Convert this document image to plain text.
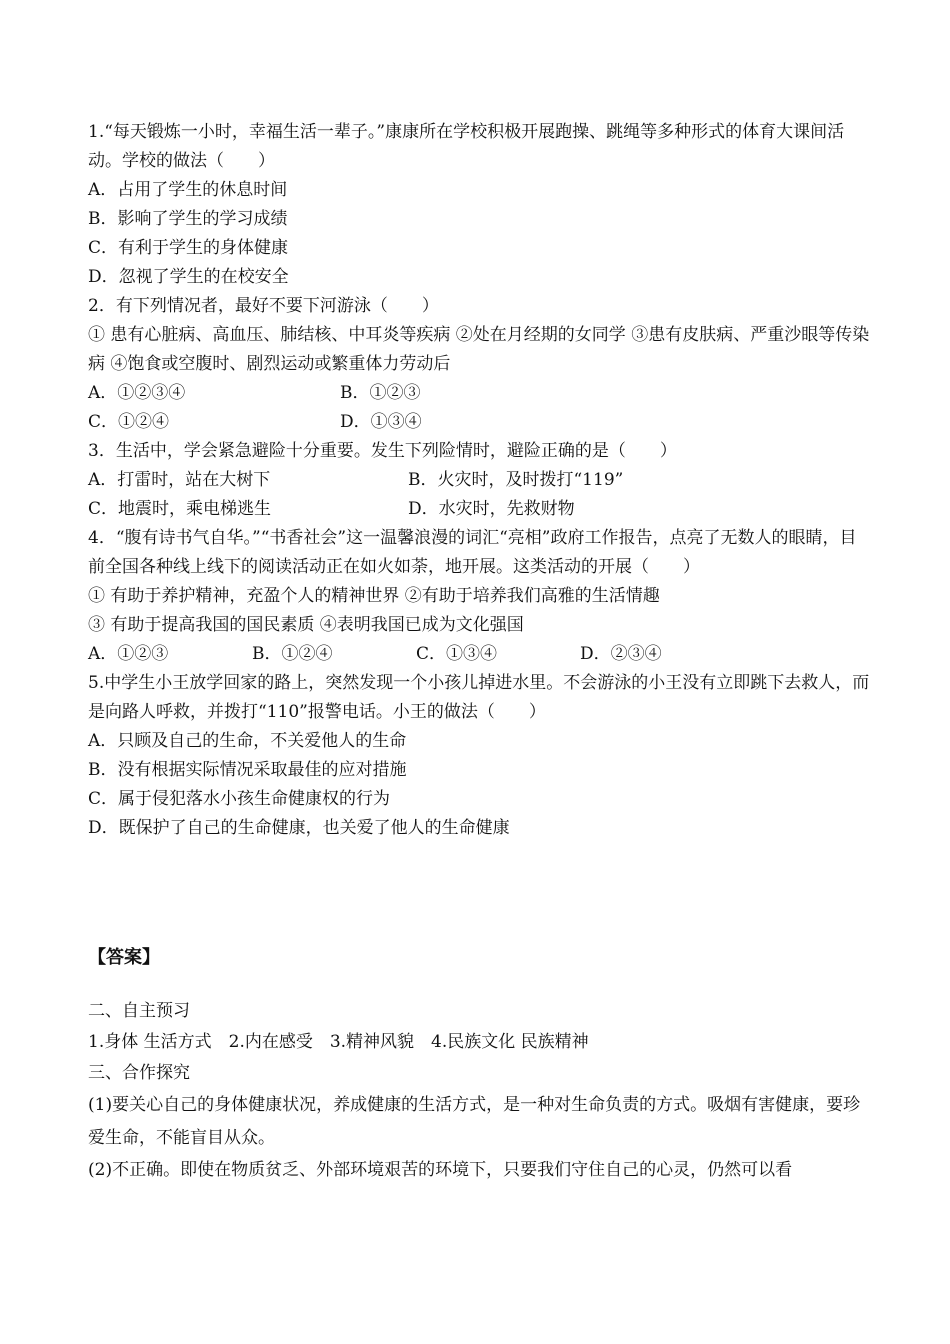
1.“每天锻炼一小时，幸福生活一辈子。”康康所在学校积极开展跑操、跳绳等多种形式的体育大课间活动。学校的做法（　　）
A．占用了学生的休息时间
B．影响了学生的学习成绩
C．有利于学生的身体健康
D．忽视了学生的在校安全
2．有下列情况者，最好不要下河游泳（　　）
① 患有心脏病、高血压、肺结核、中耳炎等疾病 ②处在月经期的女同学 ③患有皮肤病、严重沙眼等传染病 ④饱食或空腹时、剧烈运动或繁重体力劳动后
A．①②③④	B．①②③
C．①②④	D．①③④
3．生活中，学会紧急避险十分重要。发生下列险情时，避险正确的是（　　）
A．打雷时，站在大树下	B．火灾时，及时拨打“119”
C．地震时，乘电梯逃生	D．水灾时，先救财物
4．“腹有诗书气自华。”“书香社会”这一温馨浪漫的词汇“亮相”政府工作报告，点亮了无数人的眼睛，目前全国各种线上线下的阅读活动正在如火如荼，地开展。这类活动的开展（　　）
① 有助于养护精神，充盈个人的精神世界 ②有助于培养我们高雅的生活情趣
③ 有助于提高我国的国民素质 ④表明我国已成为文化强国
A．①②③	B．①②④	C．①③④	D．②③④
5.中学生小王放学回家的路上，突然发现一个小孩儿掉进水里。不会游泳的小王没有立即跳下去救人，而是向路人呼救，并拨打“110”报警电话。小王的做法（　　）
A．只顾及自己的生命，不关爱他人的生命
B．没有根据实际情况采取最佳的应对措施
C．属于侵犯落水小孩生命健康权的行为
D．既保护了自己的生命健康，也关爱了他人的生命健康
【答案】
二、自主预习
1.身体 生活方式　2.内在感受　3.精神风貌　4.民族文化 民族精神
三、合作探究
(1)要关心自己的身体健康状况，养成健康的生活方式，是一种对生命负责的方式。吸烟有害健康，要珍爱生命，不能盲目从众。
(2)不正确。即使在物质贫乏、外部环境艰苦的环境下，只要我们守住自己的心灵，仍然可以看
